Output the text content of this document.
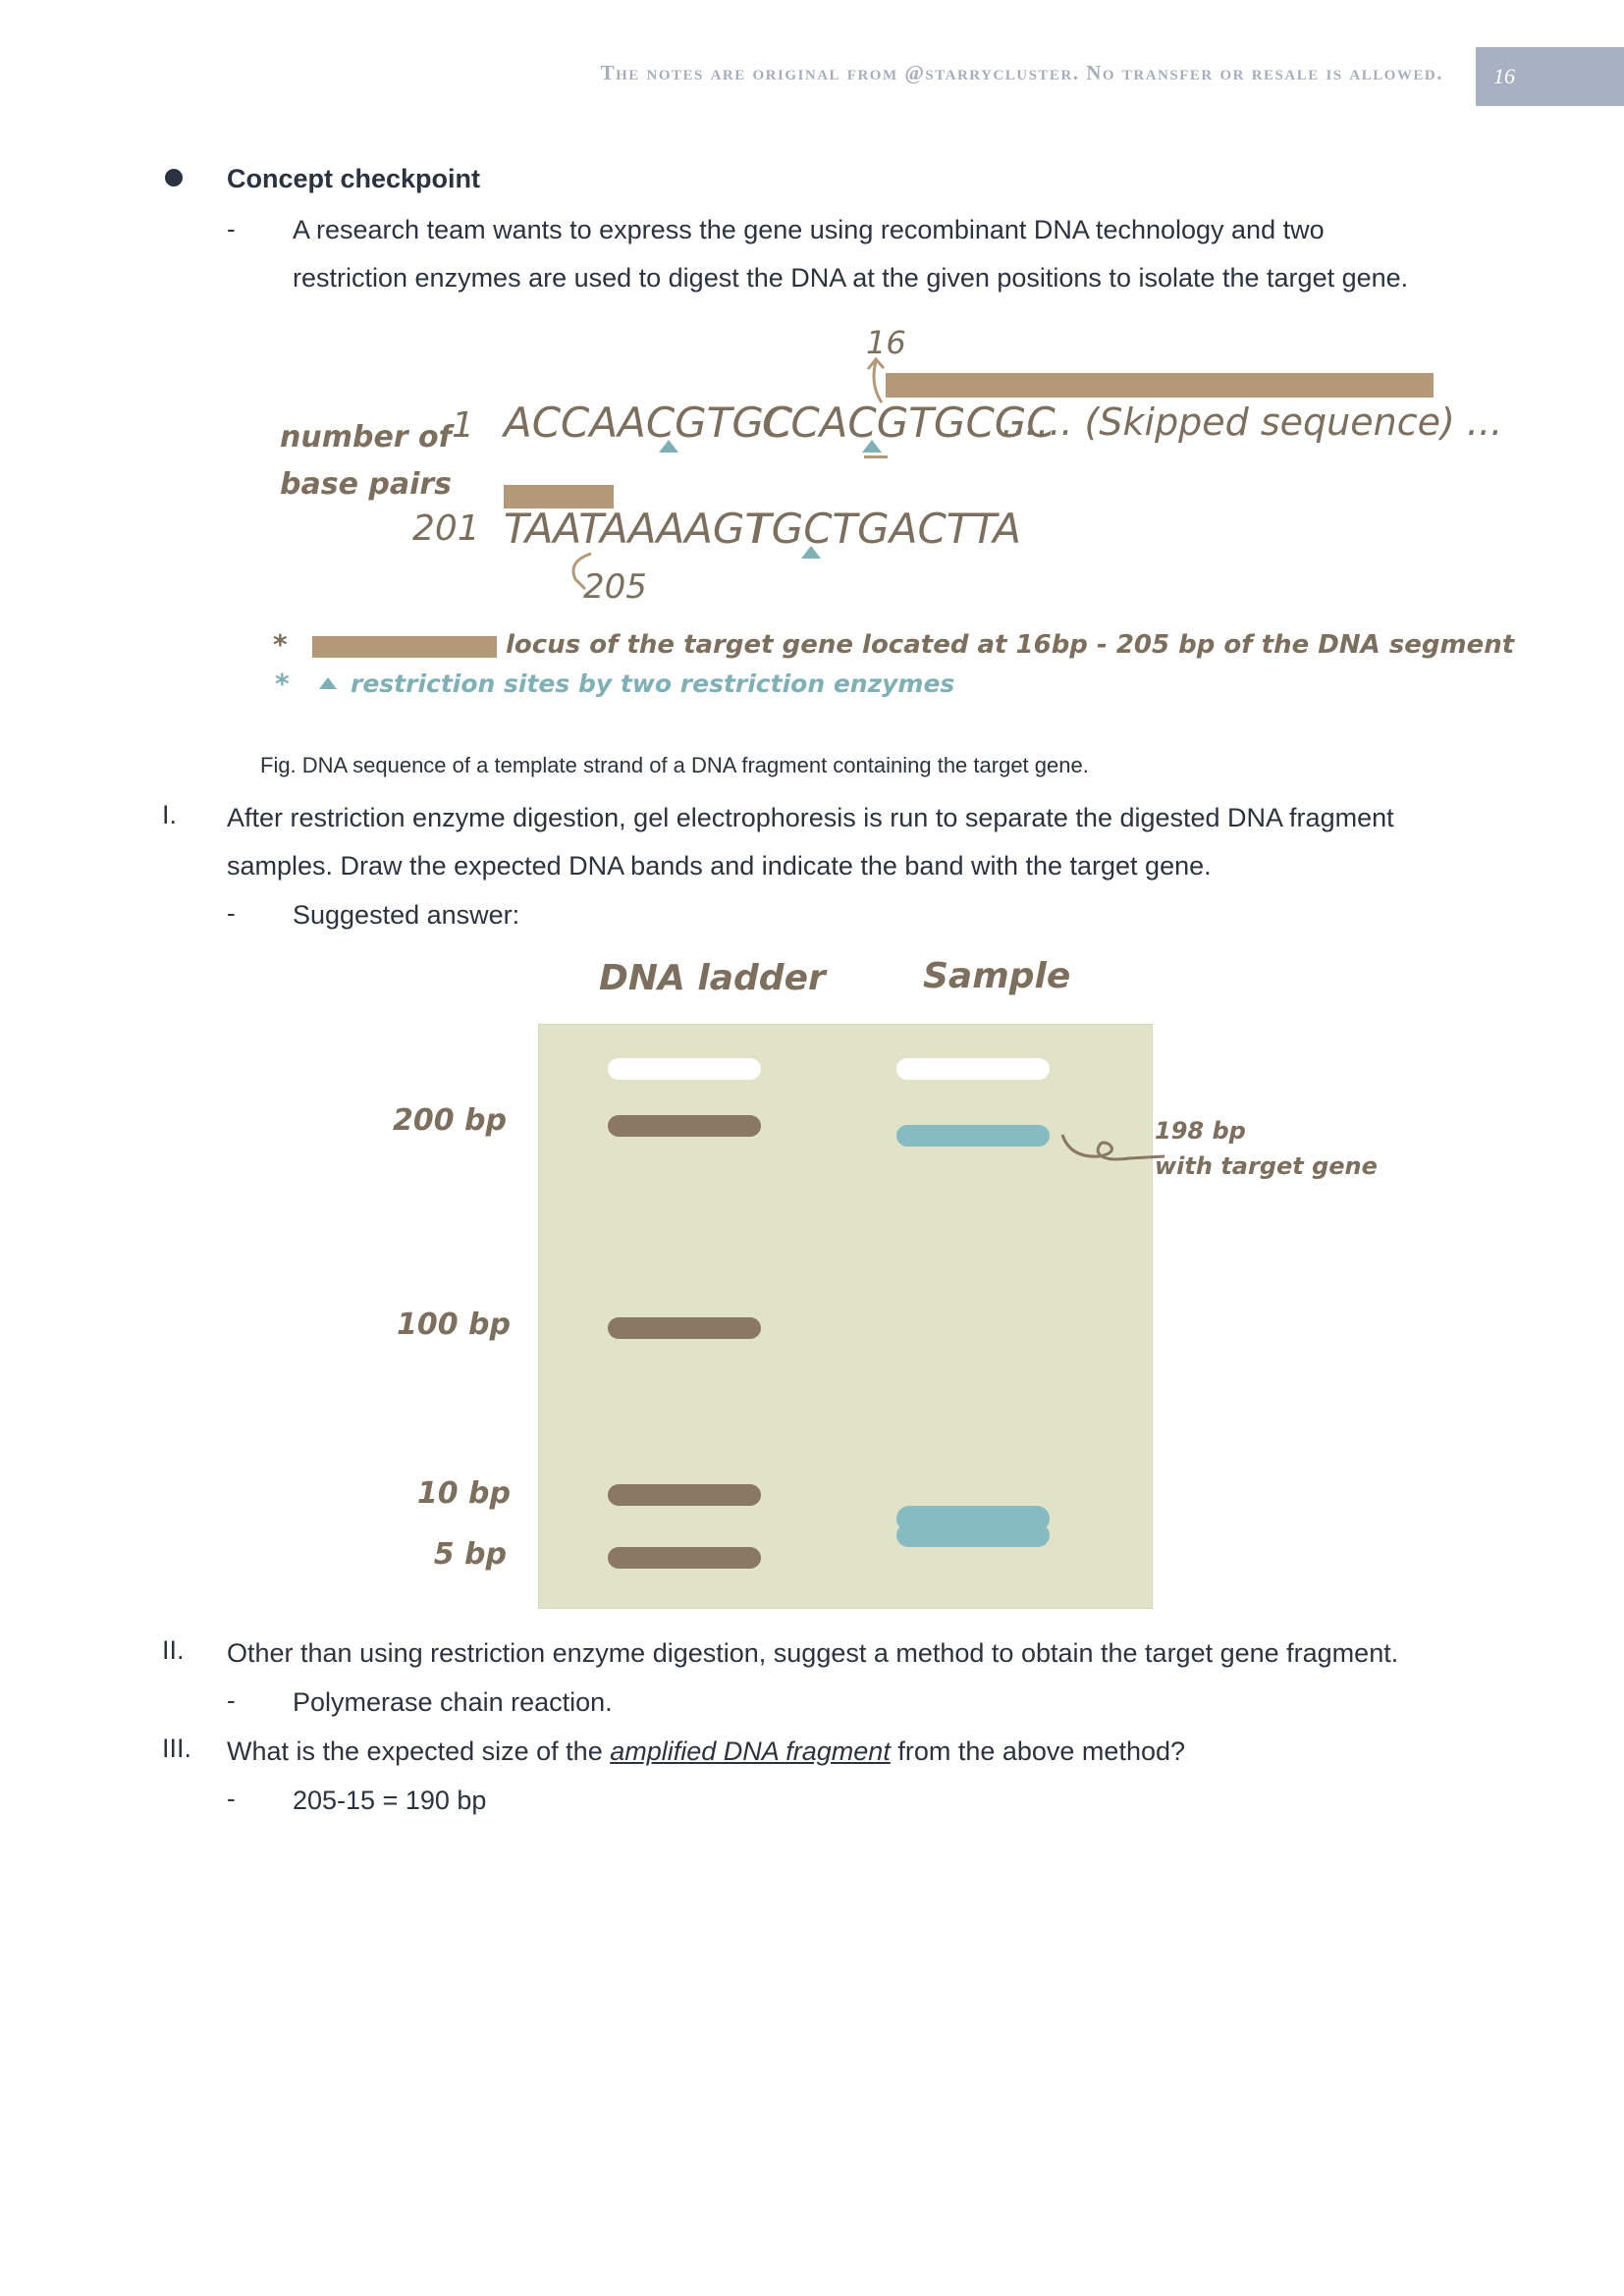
The notes are original from @starrycluster. No transfer or resale is allowed.	16
Concept checkpoint
- A research team wants to express the gene using recombinant DNA technology and two
restriction enzymes are used to digest the DNA at the given positions to isolate the target gene.
16
number of
base pairs
1 ACCAACGTGC
CCACGTGCGC
...... (Skipped sequence) ...
201 TAATAAAAGT
TGCTGACTTA
205
*	locus of the target gene located at 16bp - 205 bp of the DNA segment
* restriction sites by two restriction enzymes
Fig. DNA sequence of a template strand of a DNA fragment containing the target gene.
I. After restriction enzyme digestion, gel electrophoresis is run to separate the digested DNA fragment
samples. Draw the expected DNA bands and indicate the band with the target gene.
- Suggested answer:
DNA ladder	Sample
200 bp
100 bp
10 bp
5 bp
198 bp
with target gene
II. Other than using restriction enzyme digestion, suggest a method to obtain the target gene fragment.
- Polymerase chain reaction.
III. What is the expected size of the amplified DNA fragment from the above method?
- 205-15 = 190 bp
